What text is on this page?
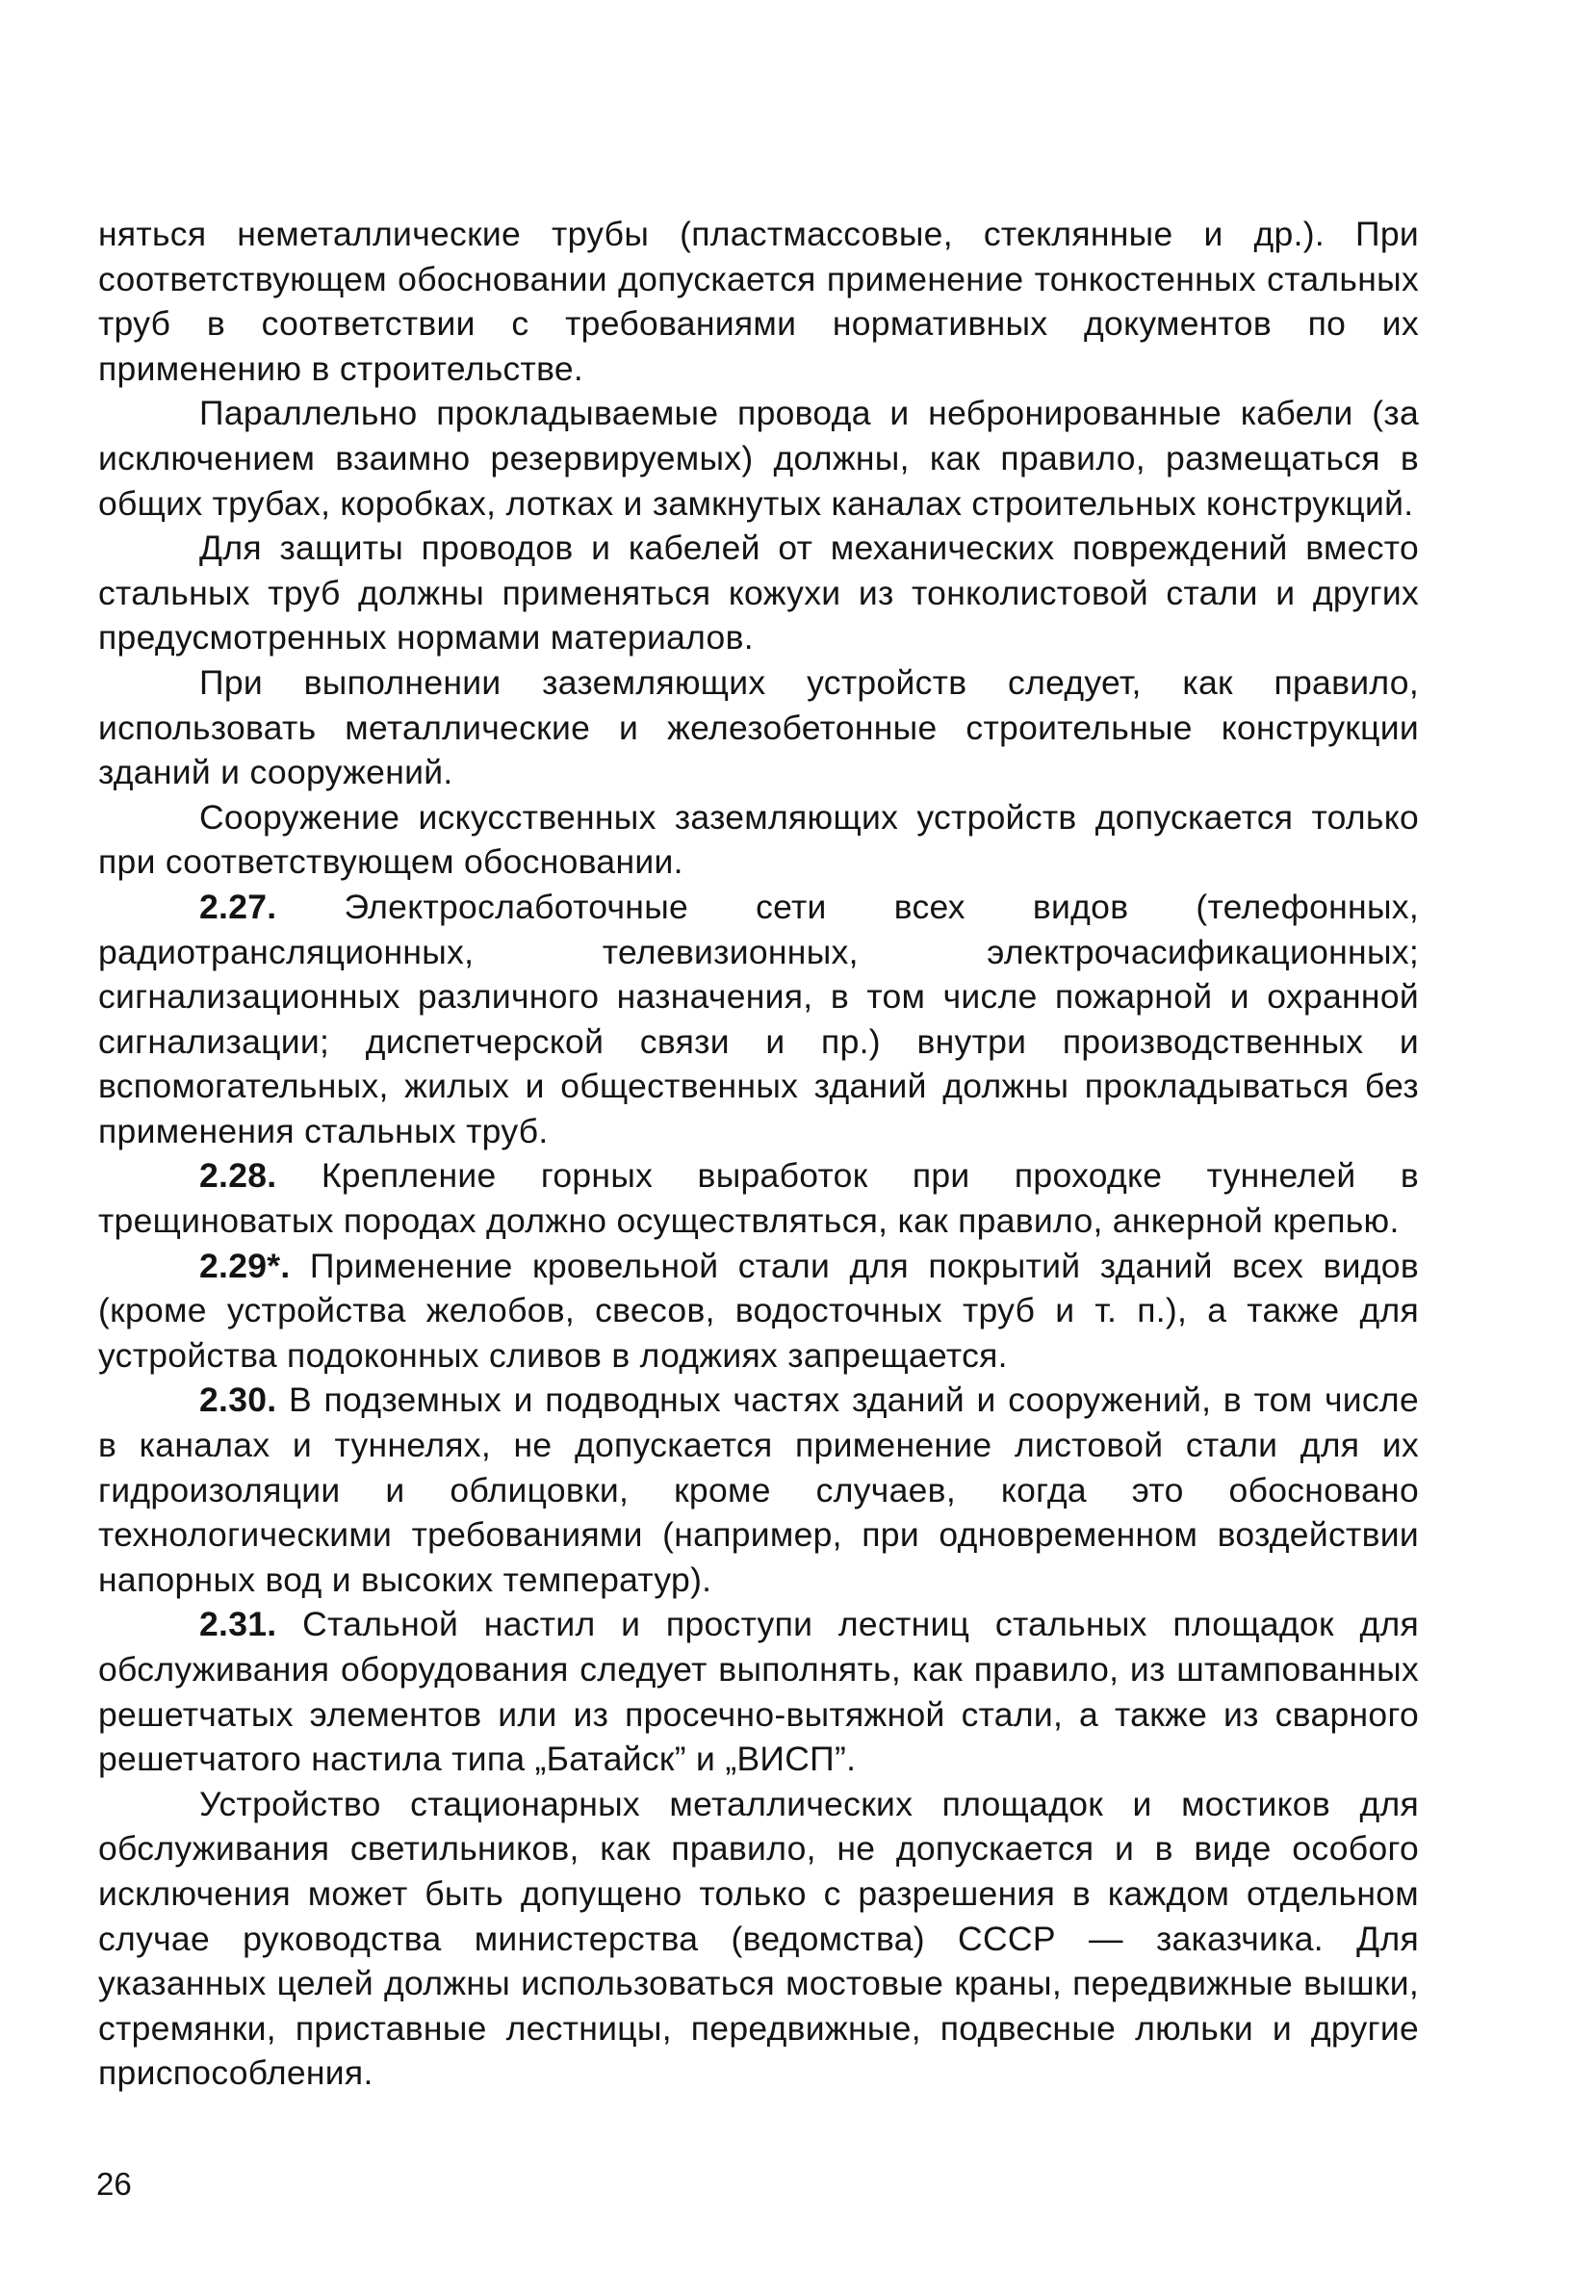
няться неметаллические трубы (пластмассовые, стеклянные и др.). При соответствующем обосновании допускается применение тонкостенных стальных труб в соответствии с требованиями нормативных документов по их применению в строительстве.

Параллельно прокладываемые провода и небронированные кабели (за исключением взаимно резервируемых) должны, как правило, размещаться в общих трубах, коробках, лотках и замкнутых каналах строительных конструкций.

Для защиты проводов и кабелей от механических повреждений вместо стальных труб должны применяться кожухи из тонколистовой стали и других предусмотренных нормами материалов.

При выполнении заземляющих устройств следует, как правило, использовать металлические и железобетонные строительные конструкции зданий и сооружений.

Сооружение искусственных заземляющих устройств допускается только при соответствующем обосновании.

2.27. Электрослаботочные сети всех видов (телефонных, радиотрансляционных, телевизионных, электрочасификационных; сигнализационных различного назначения, в том числе пожарной и охранной сигнализации; диспетчерской связи и пр.) внутри производственных и вспомогательных, жилых и общественных зданий должны прокладываться без применения стальных труб.

2.28. Крепление горных выработок при проходке туннелей в трещиноватых породах должно осуществляться, как правило, анкерной крепью.

2.29*. Применение кровельной стали для покрытий зданий всех видов (кроме устройства желобов, свесов, водосточных труб и т. п.), а также для устройства подоконных сливов в лоджиях запрещается.

2.30. В подземных и подводных частях зданий и сооружений, в том числе в каналах и туннелях, не допускается применение листовой стали для их гидроизоляции и облицовки, кроме случаев, когда это обосновано технологическими требованиями (например, при одновременном воздействии напорных вод и высоких температур).

2.31. Стальной настил и проступи лестниц стальных площадок для обслуживания оборудования следует выполнять, как правило, из штампованных решетчатых элементов или из просечно-вытяжной стали, а также из сварного решетчатого настила типа „Батайск” и „ВИСП”.

Устройство стационарных металлических площадок и мостиков для обслуживания светильников, как правило, не допускается и в виде особого исключения может быть допущено только с разрешения в каждом отдельном случае руководства министерства (ведомства) СССР — заказчика. Для указанных целей должны использоваться мостовые краны, передвижные вышки, стремянки, приставные лестницы, передвижные, подвесные люльки и другие приспособления.

26
